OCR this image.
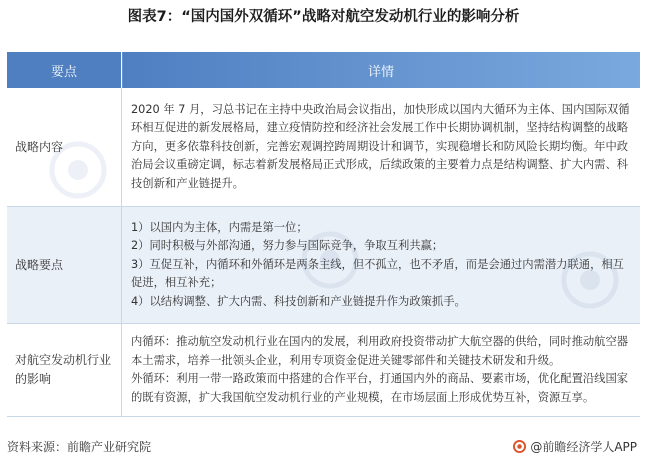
图表7：“国内国外双循环”战略对航空发动机行业的影响分析
要点	详情

战略内容	2020 年 7 月，习总书记在主持中央政治局会议指出，加快形成以国内大循环为主体、国内国际双循环相互促进的新发展格局，建立疫情防控和经济社会发展工作中长期协调机制，坚持结构调整的战略方向，更多依靠科技创新，完善宏观调控跨周期设计和调节，实现稳增长和防风险长期均衡。年中政治局会议重磅定调，标志着新发展格局正式形成，后续政策的主要着力点是结构调整、扩大内需、科技创新和产业链提升。

战略要点	1）以国内为主体，内需是第一位；

2）同时积极与外部沟通，努力参与国际竞争，争取互利共赢；

3）互促互补，内循环和外循环是两条主线，但不孤立，也不矛盾，而是会通过内需潜力联通，相互促进，相互补充；

4）以结构调整、扩大内需、科技创新和产业链提升作为政策抓手。

对航空发动机行业的影响	内循环：推动航空发动机行业在国内的发展，利用政府投资带动扩大航空器的供给，同时推动航空器本土需求，培养一批领头企业，利用专项资金促进关键零部件和关键技术研发和升级。

外循环：利用一带一路政策而中搭建的合作平台，打通国内外的商品、要素市场，优化配置沿线国家的既有资源，扩大我国航空发动机行业的产业规模，在市场层面上形成优势互补，资源互享。

资料来源：前瞻产业研究院	@前瞻经济学人APP
